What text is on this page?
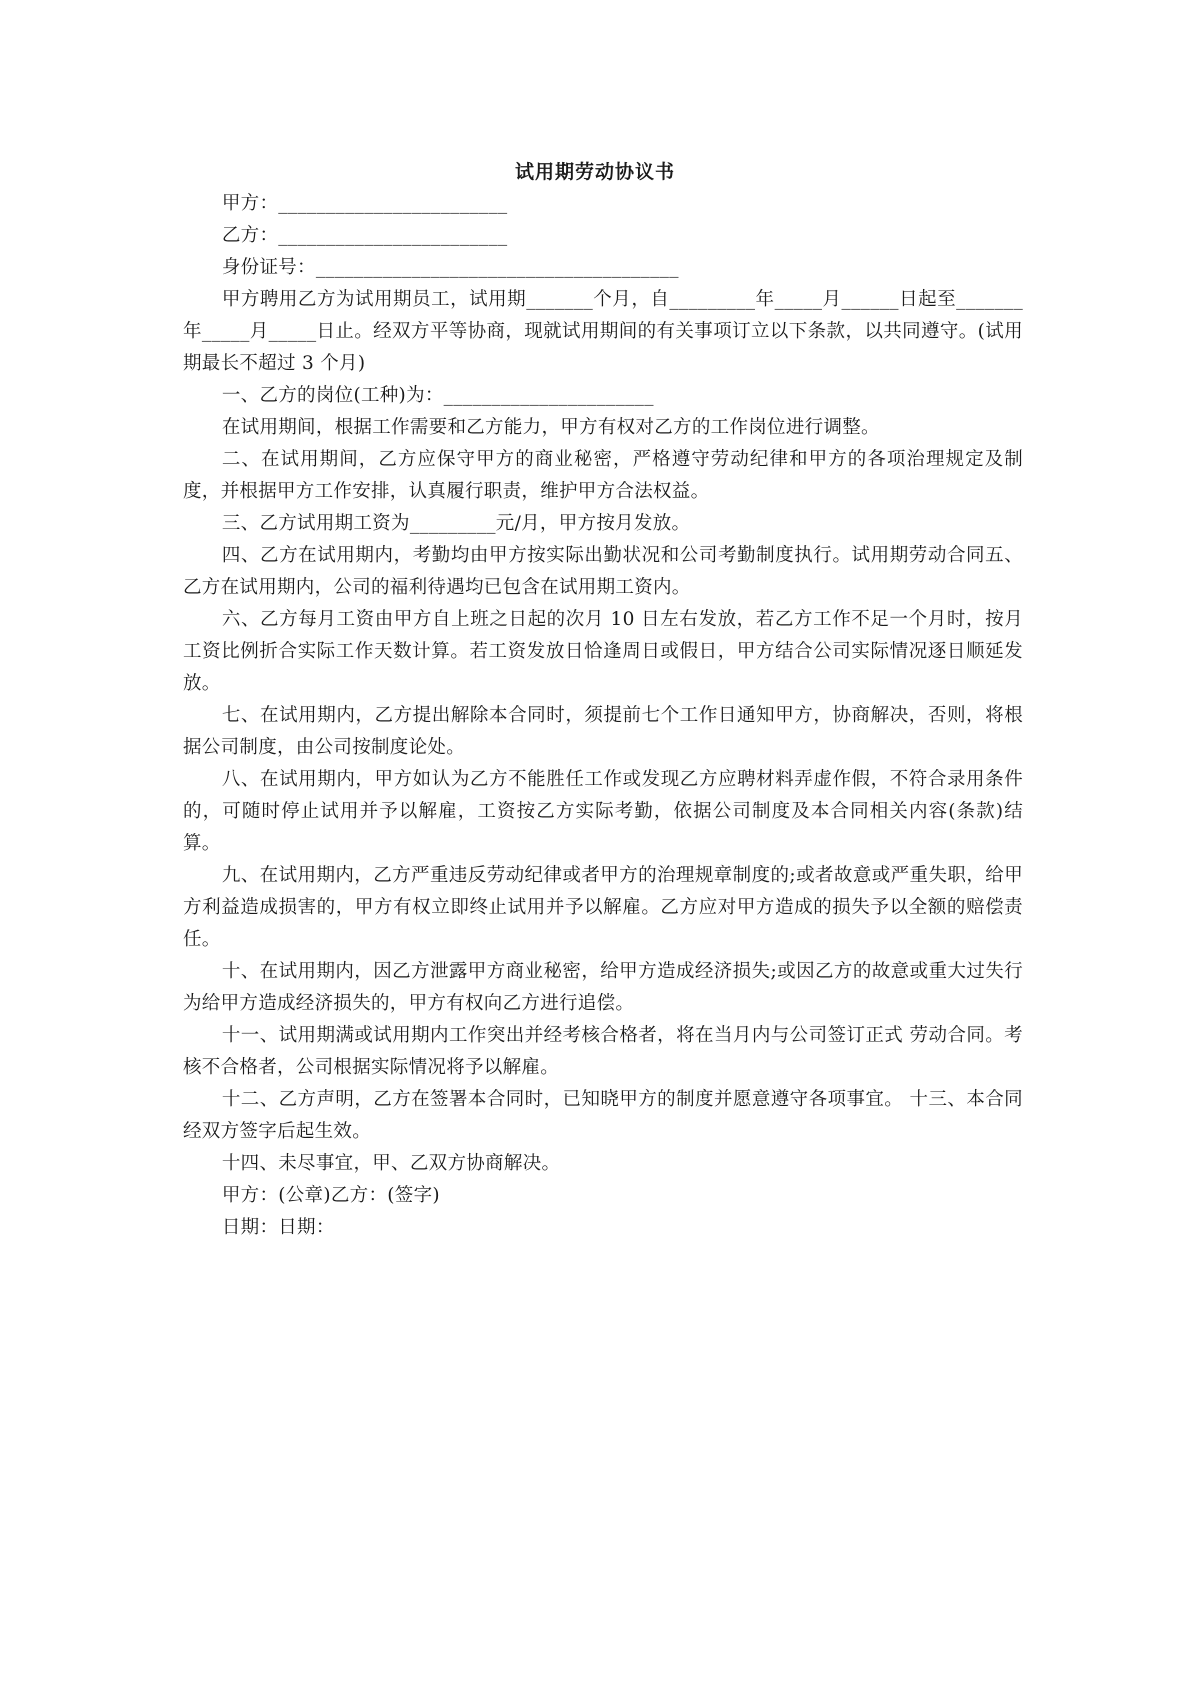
试用期劳动协议书

甲方：________________________

乙方：________________________

身份证号：______________________________________

甲方聘用乙方为试用期员工，试用期_______个月，自_________年_____月______日起至_______年_____月_____日止。经双方平等协商，现就试用期间的有关事项订立以下条款，以共同遵守。(试用期最长不超过 3 个月)

一、乙方的岗位(工种)为：______________________

在试用期间，根据工作需要和乙方能力，甲方有权对乙方的工作岗位进行调整。

二、在试用期间，乙方应保守甲方的商业秘密，严格遵守劳动纪律和甲方的各项治理规定及制度，并根据甲方工作安排，认真履行职责，维护甲方合法权益。

三、乙方试用期工资为_________元/月，甲方按月发放。

四、乙方在试用期内，考勤均由甲方按实际出勤状况和公司考勤制度执行。试用期劳动合同五、乙方在试用期内，公司的福利待遇均已包含在试用期工资内。

六、乙方每月工资由甲方自上班之日起的次月 10 日左右发放，若乙方工作不足一个月时，按月工资比例折合实际工作天数计算。若工资发放日恰逢周日或假日，甲方结合公司实际情况逐日顺延发放。

七、在试用期内，乙方提出解除本合同时，须提前七个工作日通知甲方，协商解决，否则，将根据公司制度，由公司按制度论处。

八、在试用期内，甲方如认为乙方不能胜任工作或发现乙方应聘材料弄虚作假，不符合录用条件的，可随时停止试用并予以解雇，工资按乙方实际考勤，依据公司制度及本合同相关内容(条款)结算。

九、在试用期内，乙方严重违反劳动纪律或者甲方的治理规章制度的;或者故意或严重失职，给甲方利益造成损害的，甲方有权立即终止试用并予以解雇。乙方应对甲方造成的损失予以全额的赔偿责任。

十、在试用期内，因乙方泄露甲方商业秘密，给甲方造成经济损失;或因乙方的故意或重大过失行为给甲方造成经济损失的，甲方有权向乙方进行追偿。

十一、试用期满或试用期内工作突出并经考核合格者，将在当月内与公司签订正式 劳动合同。考核不合格者，公司根据实际情况将予以解雇。

十二、乙方声明，乙方在签署本合同时，已知晓甲方的制度并愿意遵守各项事宜。 十三、本合同经双方签字后起生效。

十四、未尽事宜，甲、乙双方协商解决。

甲方：(公章)乙方：(签字)

日期：日期：
